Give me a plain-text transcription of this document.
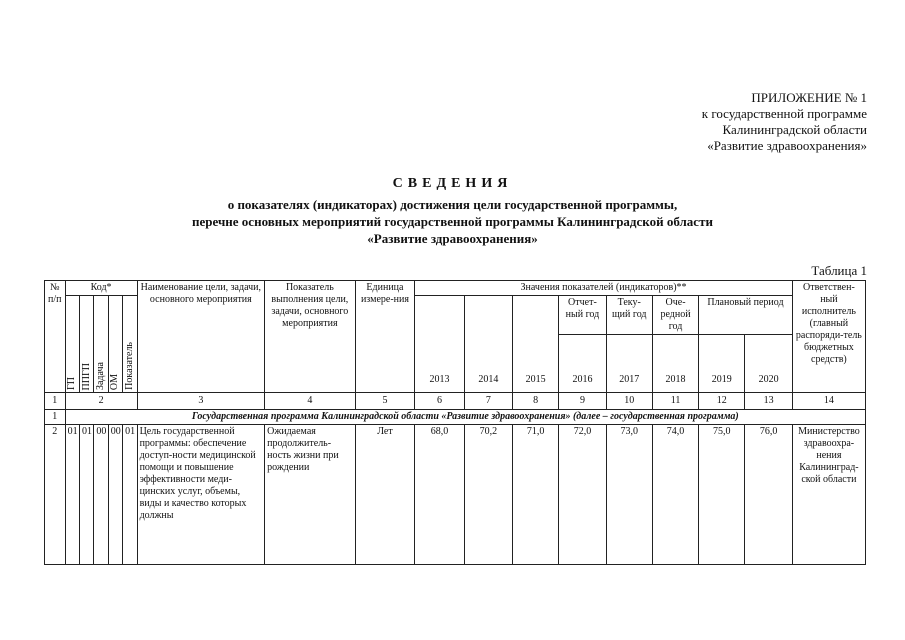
ПРИЛОЖЕНИЕ № 1
к государственной программе
Калининградской области
«Развитие здравоохранения»
СВЕДЕНИЯ
о показателях (индикаторах) достижения цели государственной программы,
перечне основных мероприятий государственной программы Калининградской области
«Развитие здравоохранения»
Таблица 1
№ п/п	Код*					Наименование цели, задачи, основного мероприятия	Показатель выполнения цели, задачи, основного мероприятия	Единица измере-ния	Значения показателей (индикаторов)**								Ответствен-ный исполнитель (главный распоряди-тель бюджетных средств)

	ГП	ППГП	Задача	ОМ	Показатель				2013	2014	2015	Отчет-ный год	Теку-щий год	Оче-редной год	Плановый период		
												2016	2017	2018	2019	2020	
1	2					3	4	5	6	7	8	9	10	11	12	13	14
1	Государственная программа Калининградской области «Развитие здравоохранения» (далее – государственная программа)																
2	01	01	00	00	01	Цель государственной программы: обеспечение доступ-ности медицинской помощи и повышение эффективности меди-цинских услуг, объемы, виды и качество которых должны	Ожидаемая продолжитель-ность жизни при рождении	Лет	68,0	70,2	71,0	72,0	73,0	74,0	75,0	76,0	Министерство здравоохра-нения Калининград-ской области
